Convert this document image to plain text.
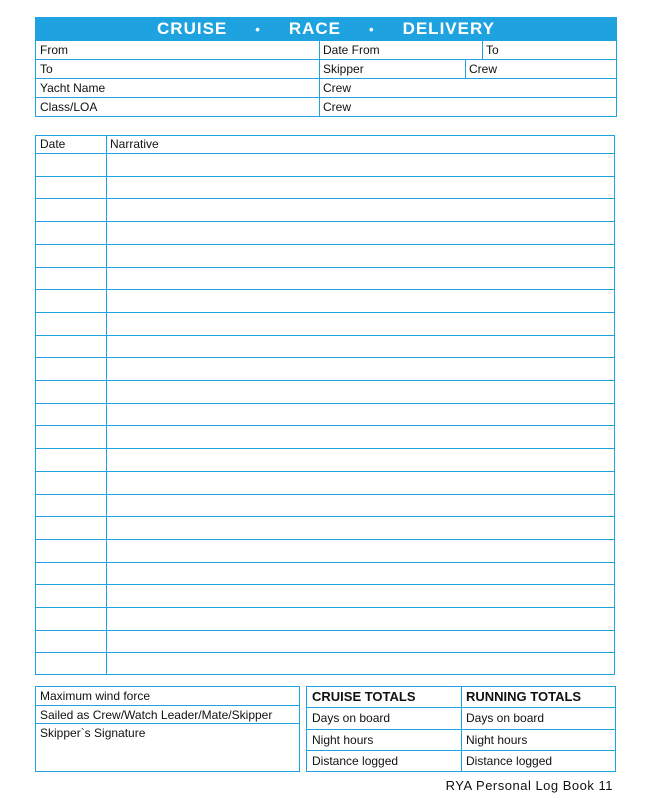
CRUISE • RACE • DELIVERY
From	Date From	To
To	Skipper	Crew
Yacht Name	Crew
Class/LOA	Crew
Date	Narrative
Maximum wind force
Sailed as Crew/Watch Leader/Mate/Skipper
Skipper`s Signature
CRUISE TOTALS	RUNNING TOTALS
Days on board	Days on board
Night hours	Night hours
Distance logged	Distance logged
RYA Personal Log Book 11
